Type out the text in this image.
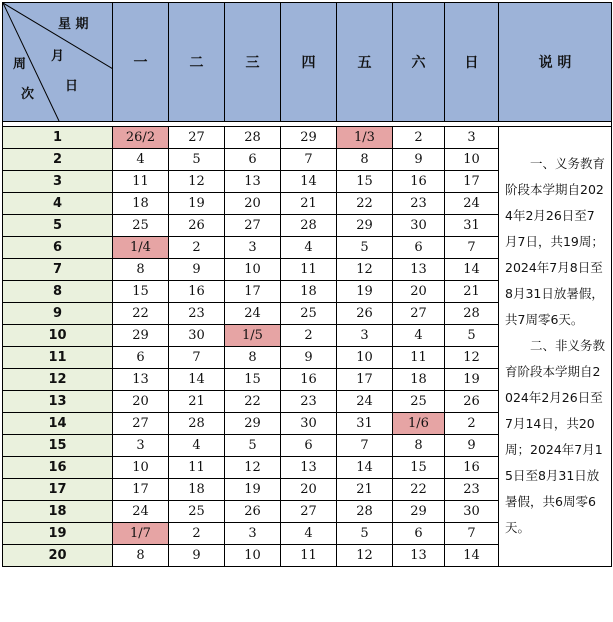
星 期
月
日
周
次	一	二	三	四	五	六	日	说 明

1	26/2	27	28	29	1/3	2	3	一、义务教育阶段本学期自2024年2月26日至7月7日，共19周；2024年7月8日至8月31日放暑假，共7周零6天。

二、非义务教育阶段本学期自2024年2月26日至7月14日，共20周；2024年7月15日至8月31日放暑假，共6周零6天。

2	4	5	6	7	8	9	10	
3	11	12	13	14	15	16	17	
4	18	19	20	21	22	23	24	
5	25	26	27	28	29	30	31	
6	1/4	2	3	4	5	6	7	
7	8	9	10	11	12	13	14	
8	15	16	17	18	19	20	21	
9	22	23	24	25	26	27	28	
10	29	30	1/5	2	3	4	5	
11	6	7	8	9	10	11	12	
12	13	14	15	16	17	18	19	
13	20	21	22	23	24	25	26	
14	27	28	29	30	31	1/6	2	
15	3	4	5	6	7	8	9	
16	10	11	12	13	14	15	16	
17	17	18	19	20	21	22	23	
18	24	25	26	27	28	29	30	
19	1/7	2	3	4	5	6	7	
20	8	9	10	11	12	13	14	
